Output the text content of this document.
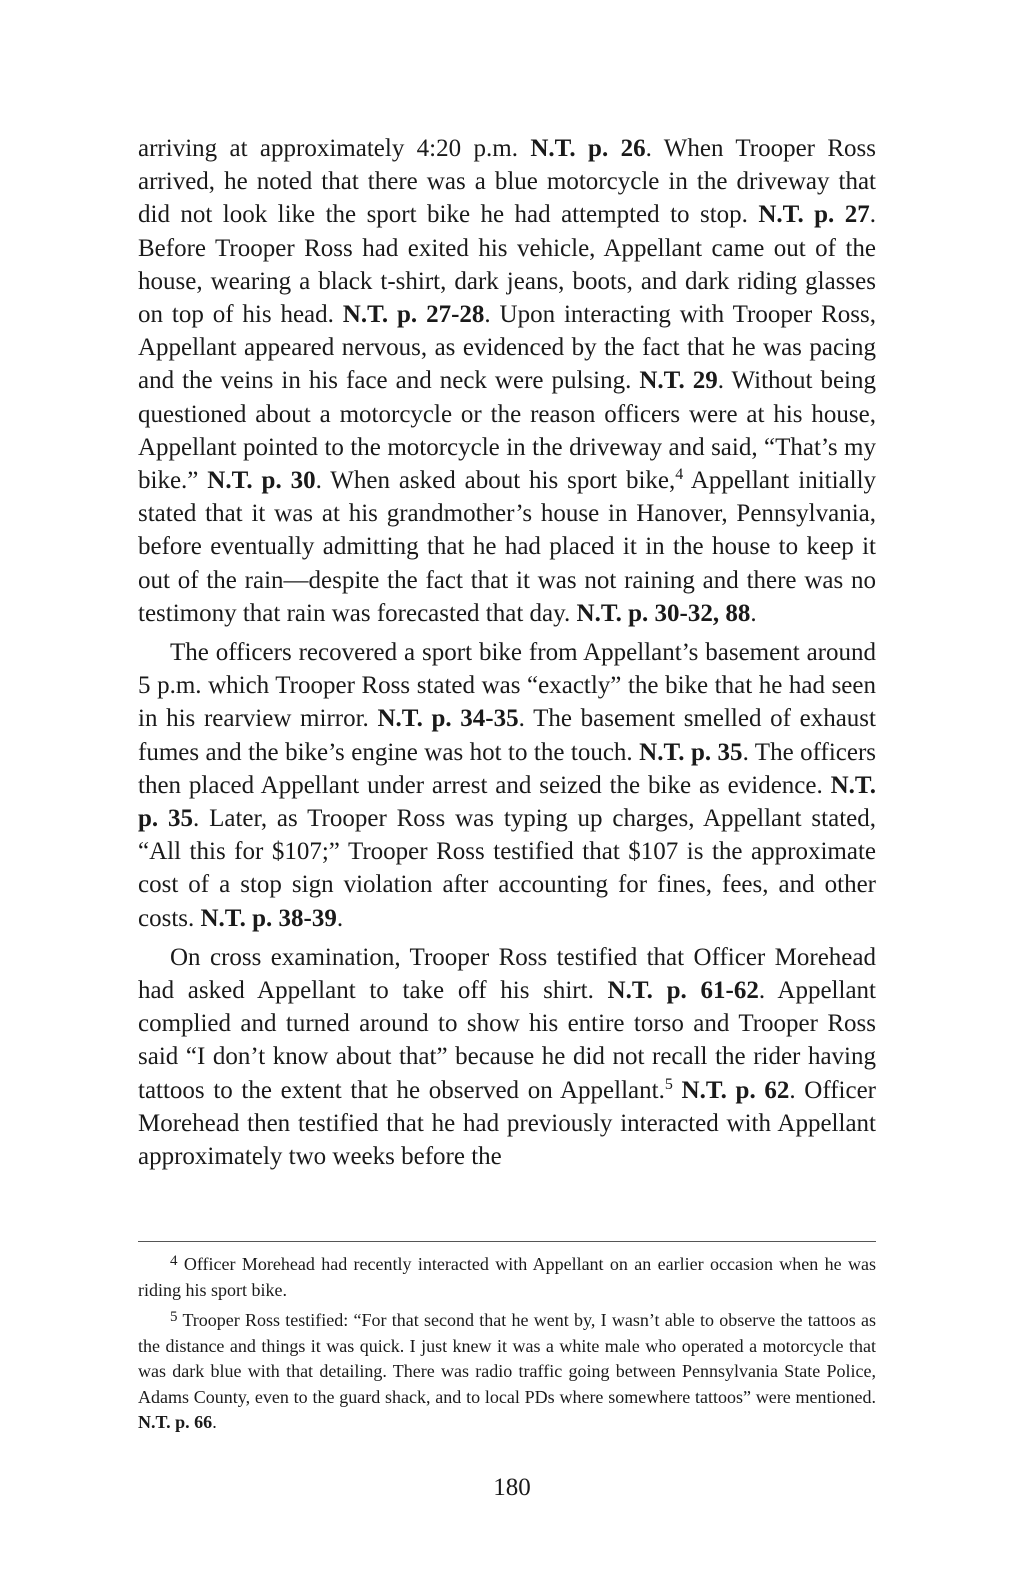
arriving at approximately 4:20 p.m. N.T. p. 26. When Trooper Ross arrived, he noted that there was a blue motorcycle in the driveway that did not look like the sport bike he had attempted to stop. N.T. p. 27. Before Trooper Ross had exited his vehicle, Appellant came out of the house, wearing a black t-shirt, dark jeans, boots, and dark riding glasses on top of his head. N.T. p. 27-28. Upon interacting with Trooper Ross, Appellant appeared nervous, as evidenced by the fact that he was pacing and the veins in his face and neck were pulsing. N.T. 29. Without being questioned about a motorcycle or the reason officers were at his house, Appellant pointed to the motorcycle in the driveway and said, “That’s my bike.” N.T. p. 30. When asked about his sport bike,$^4$ Appellant initially stated that it was at his grandmother’s house in Hanover, Pennsylvania, before eventually admitting that he had placed it in the house to keep it out of the rain—despite the fact that it was not raining and there was no testimony that rain was forecasted that day. N.T. p. 30-32, 88.

The officers recovered a sport bike from Appellant’s basement around 5 p.m. which Trooper Ross stated was “exactly” the bike that he had seen in his rearview mirror. N.T. p. 34-35. The basement smelled of exhaust fumes and the bike’s engine was hot to the touch. N.T. p. 35. The officers then placed Appellant under arrest and seized the bike as evidence. N.T. p. 35. Later, as Trooper Ross was typing up charges, Appellant stated, “All this for $107;” Trooper Ross testified that $107 is the approximate cost of a stop sign violation after accounting for fines, fees, and other costs. N.T. p. 38-39.

On cross examination, Trooper Ross testified that Officer Morehead had asked Appellant to take off his shirt. N.T. p. 61-62. Appellant complied and turned around to show his entire torso and Trooper Ross said “I don’t know about that” because he did not recall the rider having tattoos to the extent that he observed on Appellant.$^5$ N.T. p. 62. Officer Morehead then testified that he had previously interacted with Appellant approximately two weeks before the

$^4$ Officer Morehead had recently interacted with Appellant on an earlier occasion when he was riding his sport bike.

$^5$ Trooper Ross testified: “For that second that he went by, I wasn’t able to observe the tattoos as the distance and things it was quick. I just knew it was a white male who operated a motorcycle that was dark blue with that detailing. There was radio traffic going between Pennsylvania State Police, Adams County, even to the guard shack, and to local PDs where somewhere tattoos” were mentioned. N.T. p. 66.

180
